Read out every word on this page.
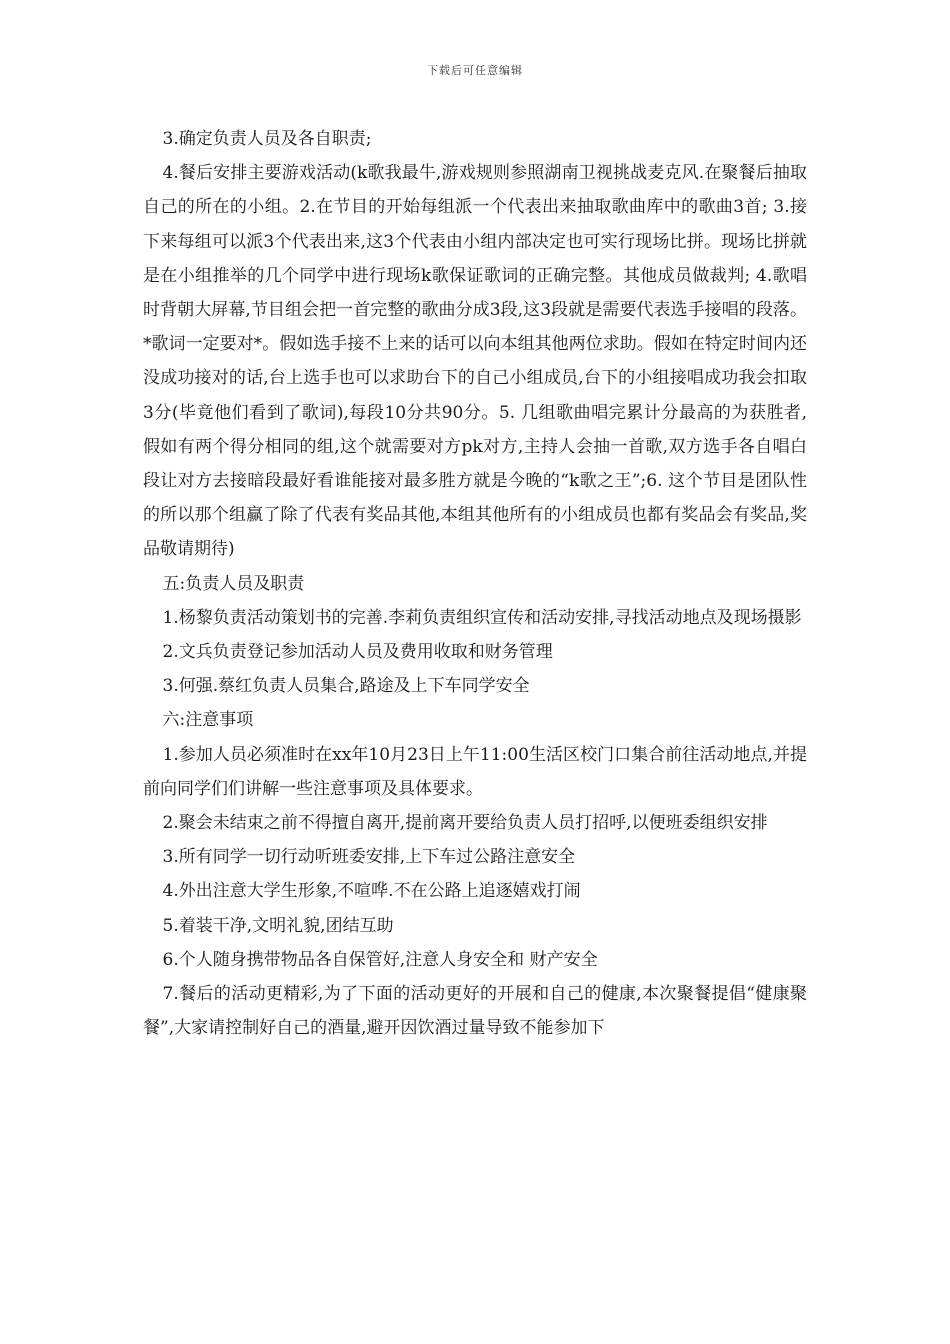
下载后可任意编辑

3.确定负责人员及各自职责;

4.餐后安排主要游戏活动(k歌我最牛,游戏规则参照湖南卫视挑战麦克风.在聚餐后抽取自己的所在的小组。2.在节目的开始每组派一个代表出来抽取歌曲库中的歌曲3首; 3.接下来每组可以派3个代表出来,这3个代表由小组内部决定也可实行现场比拼。现场比拼就是在小组推举的几个同学中进行现场k歌保证歌词的正确完整。其他成员做裁判; 4.歌唱时背朝大屏幕,节目组会把一首完整的歌曲分成3段,这3段就是需要代表选手接唱的段落。*歌词一定要对*。假如选手接不上来的话可以向本组其他两位求助。假如在特定时间内还没成功接对的话,台上选手也可以求助台下的自己小组成员,台下的小组接唱成功我会扣取3分(毕竟他们看到了歌词),每段10分共90分。5. 几组歌曲唱完累计分最高的为获胜者, 假如有两个得分相同的组,这个就需要对方pk对方,主持人会抽一首歌,双方选手各自唱白段让对方去接暗段最好看谁能接对最多胜方就是今晚的“k歌之王”;6. 这个节目是团队性的所以那个组赢了除了代表有奖品其他,本组其他所有的小组成员也都有奖品会有奖品,奖品敬请期待)

五:负责人员及职责

1.杨黎负责活动策划书的完善.李莉负责组织宣传和活动安排,寻找活动地点及现场摄影

2.文兵负责登记参加活动人员及费用收取和财务管理

3.何强.蔡红负责人员集合,路途及上下车同学安全

六:注意事项

1.参加人员必须准时在xx年10月23日上午11:00生活区校门口集合前往活动地点,并提前向同学们们讲解一些注意事项及具体要求。

2.聚会未结束之前不得擅自离开,提前离开要给负责人员打招呼,以便班委组织安排

3.所有同学一切行动听班委安排,上下车过公路注意安全

4.外出注意大学生形象,不喧哗.不在公路上追逐嬉戏打闹

5.着装干净,文明礼貌,团结互助

6.个人随身携带物品各自保管好,注意人身安全和 财产安全

7.餐后的活动更精彩,为了下面的活动更好的开展和自己的健康,本次聚餐提倡“健康聚餐”,大家请控制好自己的酒量,避开因饮酒过量导致不能参加下
